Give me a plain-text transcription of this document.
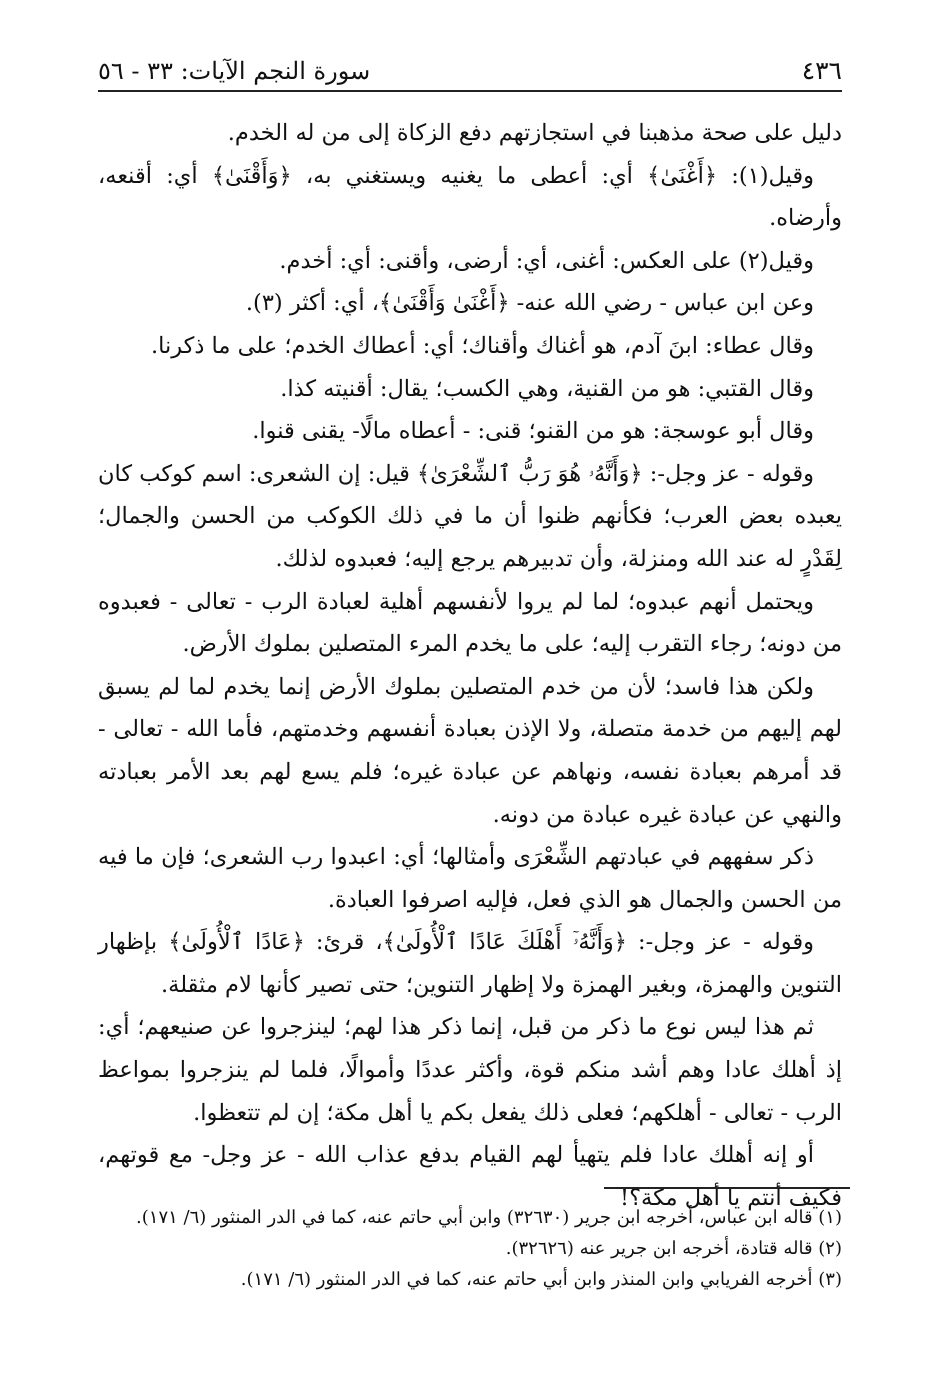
٤٣٦
سورة النجم الآيات: ٣٣ - ٥٦

دليل على صحة مذهبنا في استجازتهم دفع الزكاة إلى من له الخدم.

وقيل(١): ﴿أَغْنَىٰ﴾ أي: أعطى ما يغنيه ويستغني به، ﴿وَأَقْنَىٰ﴾ أي: أقنعه، وأرضاه.

وقيل(٢) على العكس: أغنى، أي: أرضى، وأقنى: أي: أخدم.

وعن ابن عباس - رضي الله عنه- ﴿أَغْنَىٰ وَأَقْنَىٰ﴾، أي: أكثر (٣).

وقال عطاء: ابنَ آدم، هو أغناك وأقناك؛ أي: أعطاك الخدم؛ على ما ذكرنا.

وقال القتبي: هو من القنية، وهي الكسب؛ يقال: أقنيته كذا.

وقال أبو عوسجة: هو من القنو؛ قنى: - أعطاه مالًا- يقنى قنوا.

وقوله - عز وجل-: ﴿وَأَنَّهُۥ هُوَ رَبُّ ٱلشِّعْرَىٰ﴾ قيل: إن الشعرى: اسم كوكب كان يعبده بعض العرب؛ فكأنهم ظنوا أن ما في ذلك الكوكب من الحسن والجمال؛ لِقَدْرٍ له عند الله ومنزلة، وأن تدبيرهم يرجع إليه؛ فعبدوه لذلك.

ويحتمل أنهم عبدوه؛ لما لم يروا لأنفسهم أهلية لعبادة الرب - تعالى - فعبدوه من دونه؛ رجاء التقرب إليه؛ على ما يخدم المرء المتصلين بملوك الأرض.

ولكن هذا فاسد؛ لأن من خدم المتصلين بملوك الأرض إنما يخدم لما لم يسبق لهم إليهم من خدمة متصلة، ولا الإذن بعبادة أنفسهم وخدمتهم، فأما الله - تعالى - قد أمرهم بعبادة نفسه، ونهاهم عن عبادة غيره؛ فلم يسع لهم بعد الأمر بعبادته والنهي عن عبادة غيره عبادة من دونه.

ذكر سفههم في عبادتهم الشِّعْرَى وأمثالها؛ أي: اعبدوا رب الشعرى؛ فإن ما فيه من الحسن والجمال هو الذي فعل، فإليه اصرفوا العبادة.

وقوله - عز وجل-: ﴿وَأَنَّهُۥٓ أَهْلَكَ عَادًا ٱلْأُولَىٰ﴾، قرئ: ﴿عَادًا ٱلْأُولَىٰ﴾ بإظهار التنوين والهمزة، وبغير الهمزة ولا إظهار التنوين؛ حتى تصير كأنها لام مثقلة.

ثم هذا ليس نوع ما ذكر من قبل، إنما ذكر هذا لهم؛ لينزجروا عن صنيعهم؛ أي: إذ أهلك عادا وهم أشد منكم قوة، وأكثر عددًا وأموالًا، فلما لم ينزجروا بمواعظ الرب - تعالى - أهلكهم؛ فعلى ذلك يفعل بكم يا أهل مكة؛ إن لم تتعظوا.

أو إنه أهلك عادا فلم يتهيأ لهم القيام بدفع عذاب الله - عز وجل- مع قوتهم، فكيف أنتم يا أهل مكة؟!

(١) قاله ابن عباس، أخرجه ابن جرير (٣٢٦٣٠) وابن أبي حاتم عنه، كما في الدر المنثور (٦/ ١٧١).

(٢) قاله قتادة، أخرجه ابن جرير عنه (٣٢٦٢٦).

(٣) أخرجه الفريابي وابن المنذر وابن أبي حاتم عنه، كما في الدر المنثور (٦/ ١٧١).
